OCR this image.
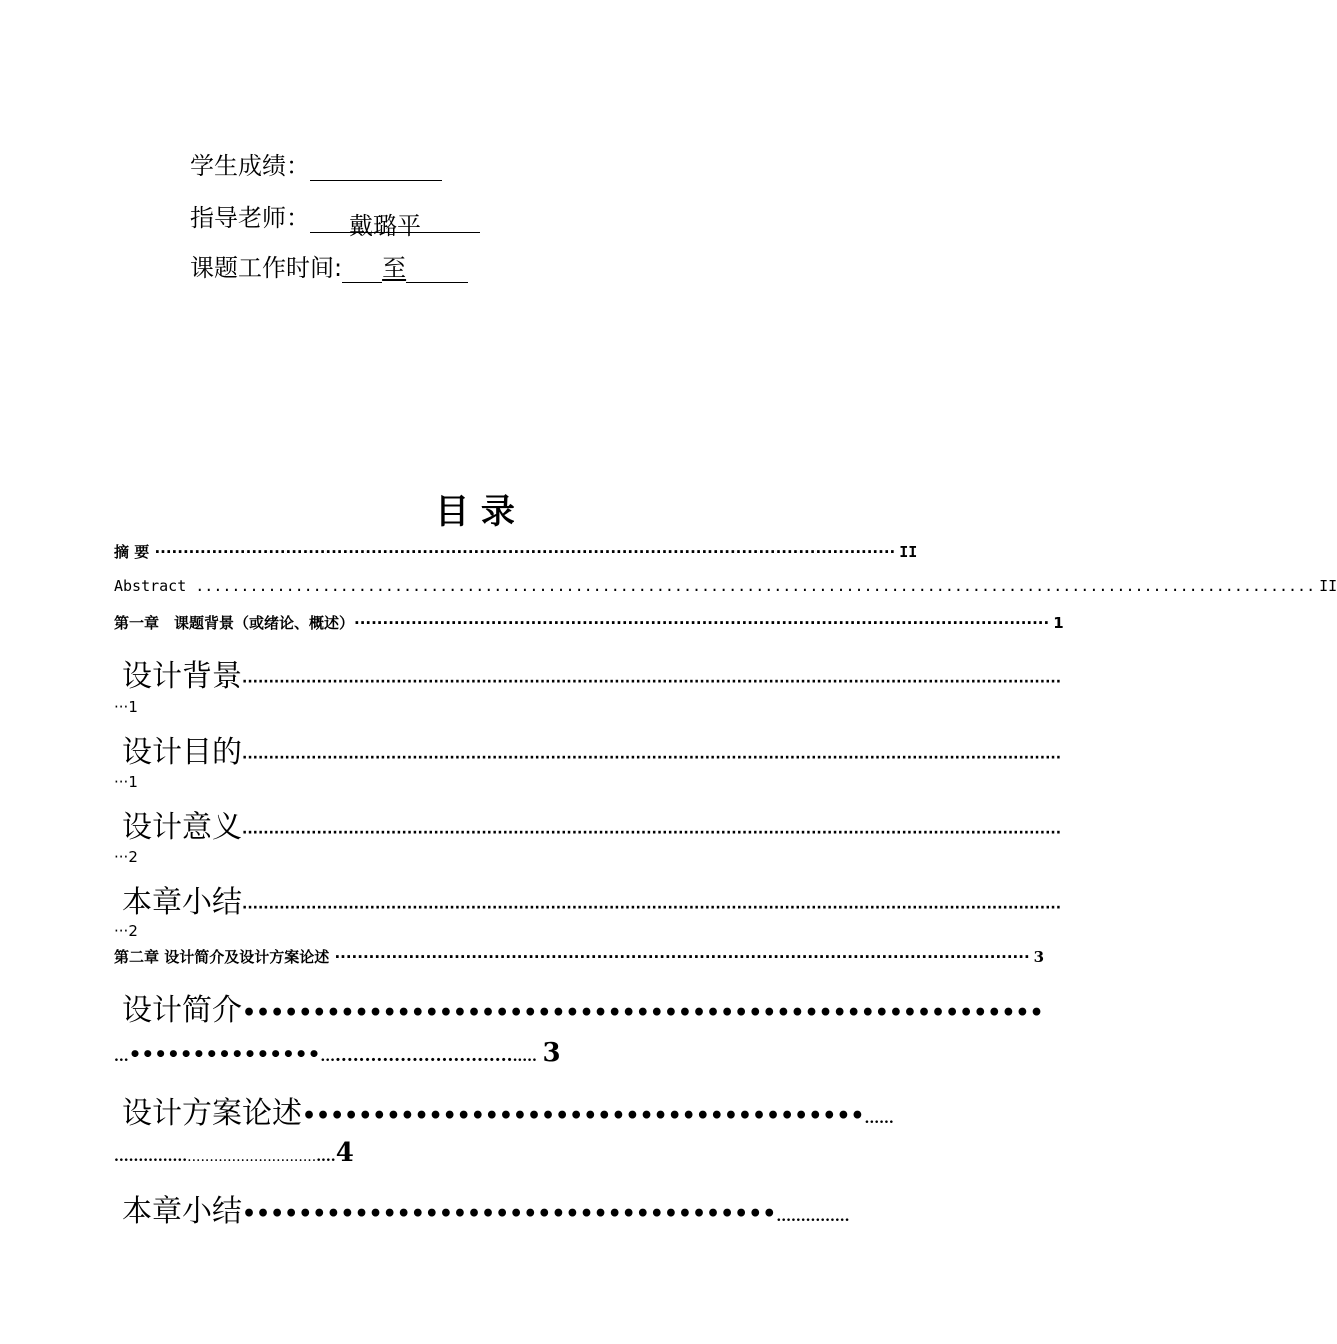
学生成绩：
指导老师： 戴璐平
课题工作时间: 至
目 录
摘 要 ·································································································································· II
Abstract ............................................................................................................................ II
第一章　课题背景（或绪论、概述） ·························································································································· 1
设计背景 ··························································································································································
···1
设计目的 ··························································································································································
···1
设计意义 ··························································································································································
···2
本章小结 ··························································································································································
···2
第二章 设计简介及设计方案论述 ·························································································································· 3
设计简介 •••••••••••••••••••••••••••••••••••••••••••••••••••••••••
...•••••••••••••••...................................... 3
设计方案论述 ••••••••••••••••••••••••••••••••••••••••......
................................................4
本章小结 ••••••••••••••••••••••••••••••••••••••...............
